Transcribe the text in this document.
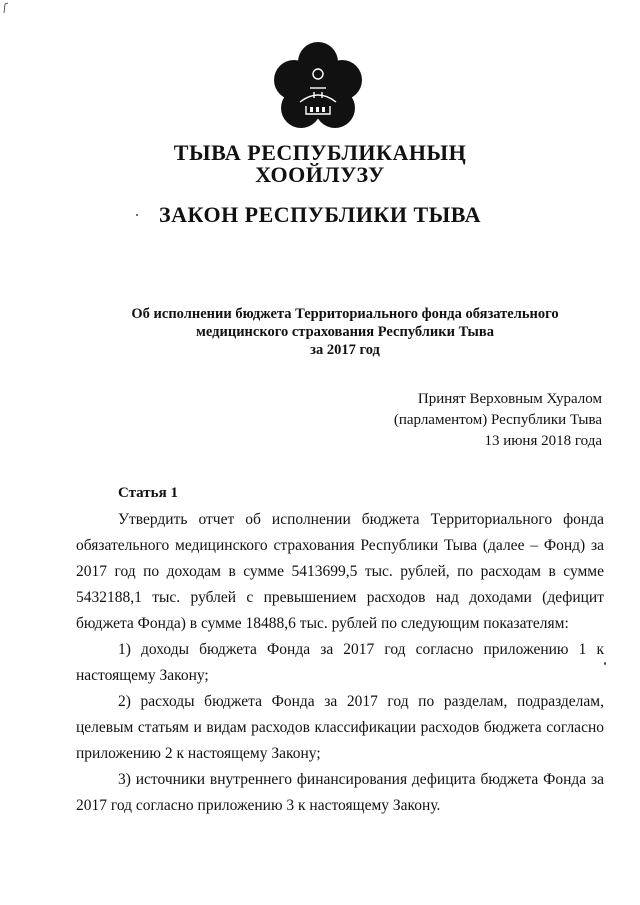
ТЫВА РЕСПУБЛИКАНЫҢ
ХООЙЛУЗУ
ЗАКОН РЕСПУБЛИКИ ТЫВА
Об исполнении бюджета Территориального фонда обязательного
медицинского страхования Республики Тыва
за 2017 год
Принят Верховным Хуралом
(парламентом) Республики Тыва
13 июня 2018 года
Статья 1

Утвердить отчет об исполнении бюджета Территориального фонда обязательного медицинского страхования Республики Тыва (далее – Фонд) за 2017 год по доходам в сумме 5413699,5 тыс. рублей, по расходам в сумме 5432188,1 тыс. рублей с превышением расходов над доходами (дефицит бюджета Фонда) в сумме 18488,6 тыс. рублей по следующим показателям:

1) доходы бюджета Фонда за 2017 год согласно приложению 1 к настоящему Закону;

2) расходы бюджета Фонда за 2017 год по разделам, подразделам, целевым статьям и видам расходов классификации расходов бюджета согласно приложению 2 к настоящему Закону;

3) источники внутреннего финансирования дефицита бюджета Фонда за 2017 год согласно приложению 3 к настоящему Закону.
